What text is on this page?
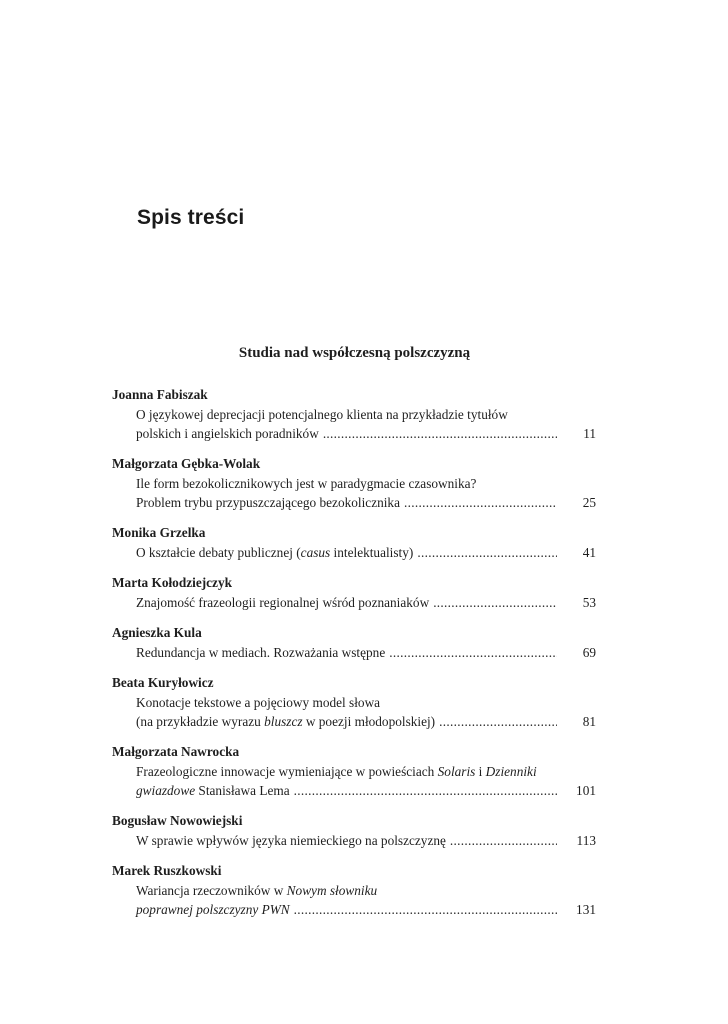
Spis treści
Studia nad współczesną polszczyzną
Joanna Fabiszak
O językowej deprecjacji potencjalnego klienta na przykładzie tytułów
polskich i angielskich poradników .....	11
Małgorzata Gębka-Wolak
Ile form bezokolicznikowych jest w paradygmacie czasownika?
Problem trybu przypuszczającego bezokolicznika .....	25
Monika Grzelka
O kształcie debaty publicznej (casus intelektualisty) .....	41
Marta Kołodziejczyk
Znajomość frazeologii regionalnej wśród poznaniaków .....	53
Agnieszka Kula
Redundancja w mediach. Rozważania wstępne .....	69
Beata Kuryłowicz
Konotacje tekstowe a pojęciowy model słowa
(na przykładzie wyrazu bluszcz w poezji młodopolskiej) .....	81
Małgorzata Nawrocka
Frazeologiczne innowacje wymieniające w powieściach Solaris i Dzienniki
gwiazdowe Stanisława Lema .....	101
Bogusław Nowowiejski
W sprawie wpływów języka niemieckiego na polszczyznę .....	113
Marek Ruszkowski
Wariancja rzeczowników w Nowym słowniku
poprawnej polszczyzny PWN .....	131
